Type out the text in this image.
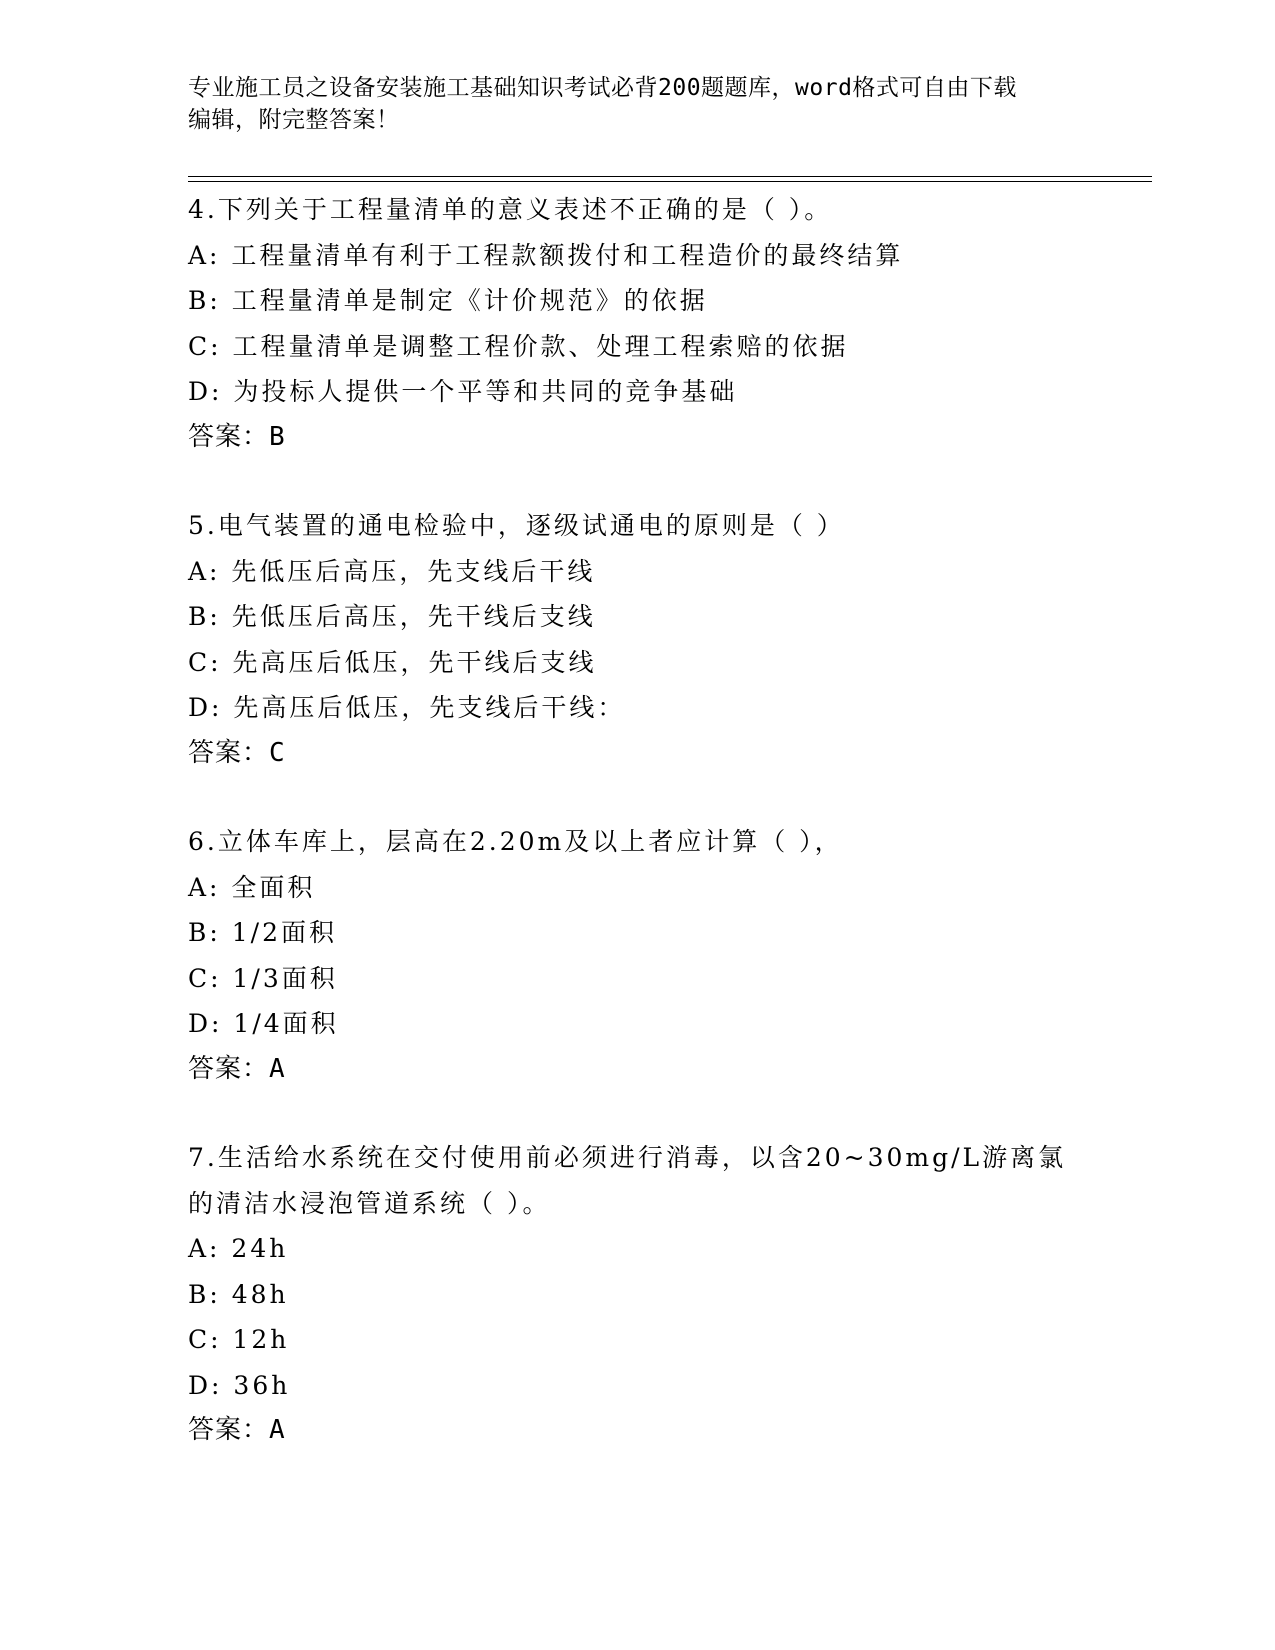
专业施工员之设备安装施工基础知识考试必背200题题库，word格式可自由下载
编辑，附完整答案！
4.下列关于工程量清单的意义表述不正确的是（ ）。
A: 工程量清单有利于工程款额拨付和工程造价的最终结算
B: 工程量清单是制定《计价规范》的依据
C: 工程量清单是调整工程价款、处理工程索赔的依据
D: 为投标人提供一个平等和共同的竞争基础
答案：B
5.电气装置的通电检验中，逐级试通电的原则是（ ）
A: 先低压后高压，先支线后干线
B: 先低压后高压，先干线后支线
C: 先高压后低压，先干线后支线
D: 先高压后低压，先支线后干线：
答案：C
6.立体车库上，层高在2.20m及以上者应计算（ ），
A: 全面积
B: 1/2面积
C: 1/3面积
D: 1/4面积
答案：A
7.生活给水系统在交付使用前必须进行消毒，以含20~30mg/L游离氯
的清洁水浸泡管道系统（ ）。
A: 24h
B: 48h
C: 12h
D: 36h
答案：A
